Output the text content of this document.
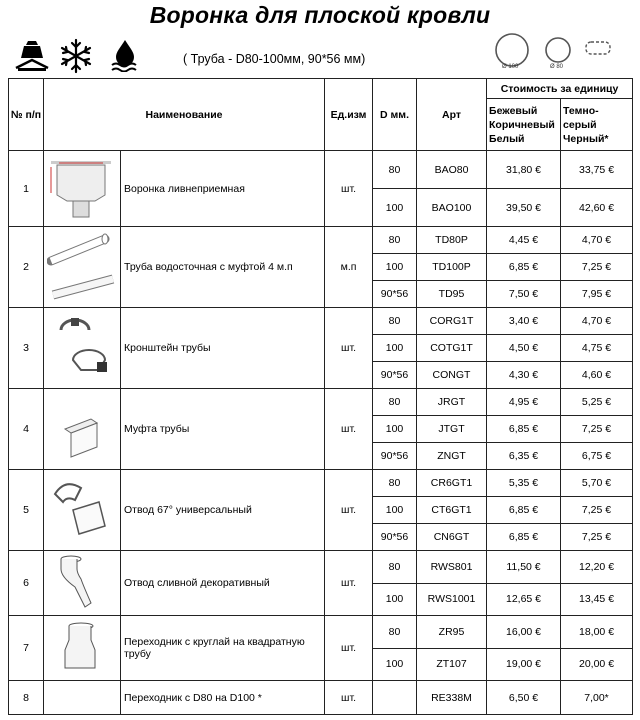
Воронка для плоской кровли
( Труба - D80-100мм, 90*56 мм)
Ø 100	Ø 80
№ п/п	Наименование		Ед.изм	D мм.	Арт	Стоимость за единицу	
						Бежевый Коричневый Белый	Темно-серый Черный*
1		Воронка ливнеприемная	шт.	80	BAO80	31,80 €	33,75 €
				100	BAO100	39,50 €	42,60 €
2		Труба водосточная с муфтой 4 м.п	м.п	80	TD80P	4,45 €	4,70 €
				100	TD100P	6,85 €	7,25 €
				90*56	TD95	7,50 €	7,95 €
3		Кронштейн трубы	шт.	80	CORG1T	3,40 €	4,70 €
				100	COTG1T	4,50 €	4,75 €
				90*56	CONGT	4,30 €	4,60 €
4		Муфта трубы	шт.	80	JRGT	4,95 €	5,25 €
				100	JTGT	6,85 €	7,25 €
				90*56	ZNGT	6,35 €	6,75 €
5		Отвод 67° универсальный	шт.	80	CR6GT1	5,35 €	5,70 €
				100	CT6GT1	6,85 €	7,25 €
				90*56	CN6GT	6,85 €	7,25 €
6		Отвод сливной декоративный	шт.	80	RWS801	11,50 €	12,20 €
				100	RWS1001	12,65 €	13,45 €
7		Переходник с круглай на квадратную трубу	шт.	80	ZR95	16,00 €	18,00 €
				100	ZT107	19,00 €	20,00 €
8		Переходник с D80 на D100 *	шт.		RE338M	6,50 €	7,00*
